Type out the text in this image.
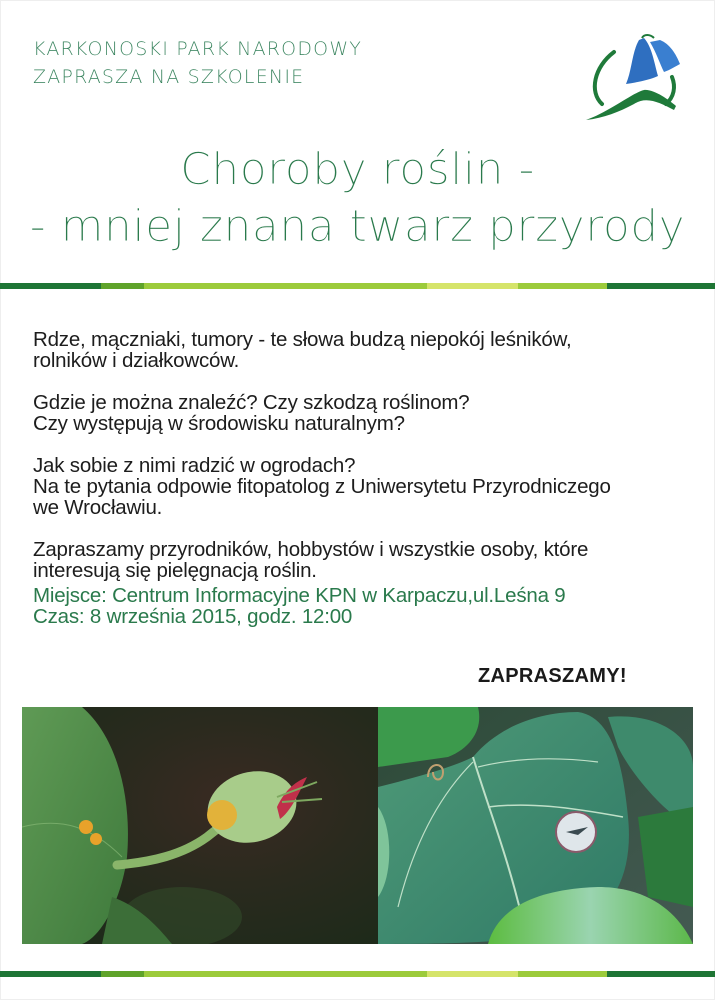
KARKONOSKI PARK NARODOWY
ZAPRASZA NA SZKOLENIE
Choroby roślin -
- mniej znana twarz przyrody

Rdze, mączniaki, tumory - te słowa budzą niepokój leśników,
rolników i działkowców.

Gdzie je można znaleźć? Czy szkodzą roślinom?
Czy występują w środowisku naturalnym?

Jak sobie z nimi radzić w ogrodach?
Na te pytania odpowie fitopatolog z Uniwersytetu Przyrodniczego
we Wrocławiu.

Zapraszamy przyrodników, hobbystów i wszystkie osoby, które
interesują się pielęgnacją roślin.

Miejsce: Centrum Informacyjne KPN w Karpaczu,ul.Leśna 9
Czas: 8 września 2015, godz. 12:00
ZAPRASZAMY!
